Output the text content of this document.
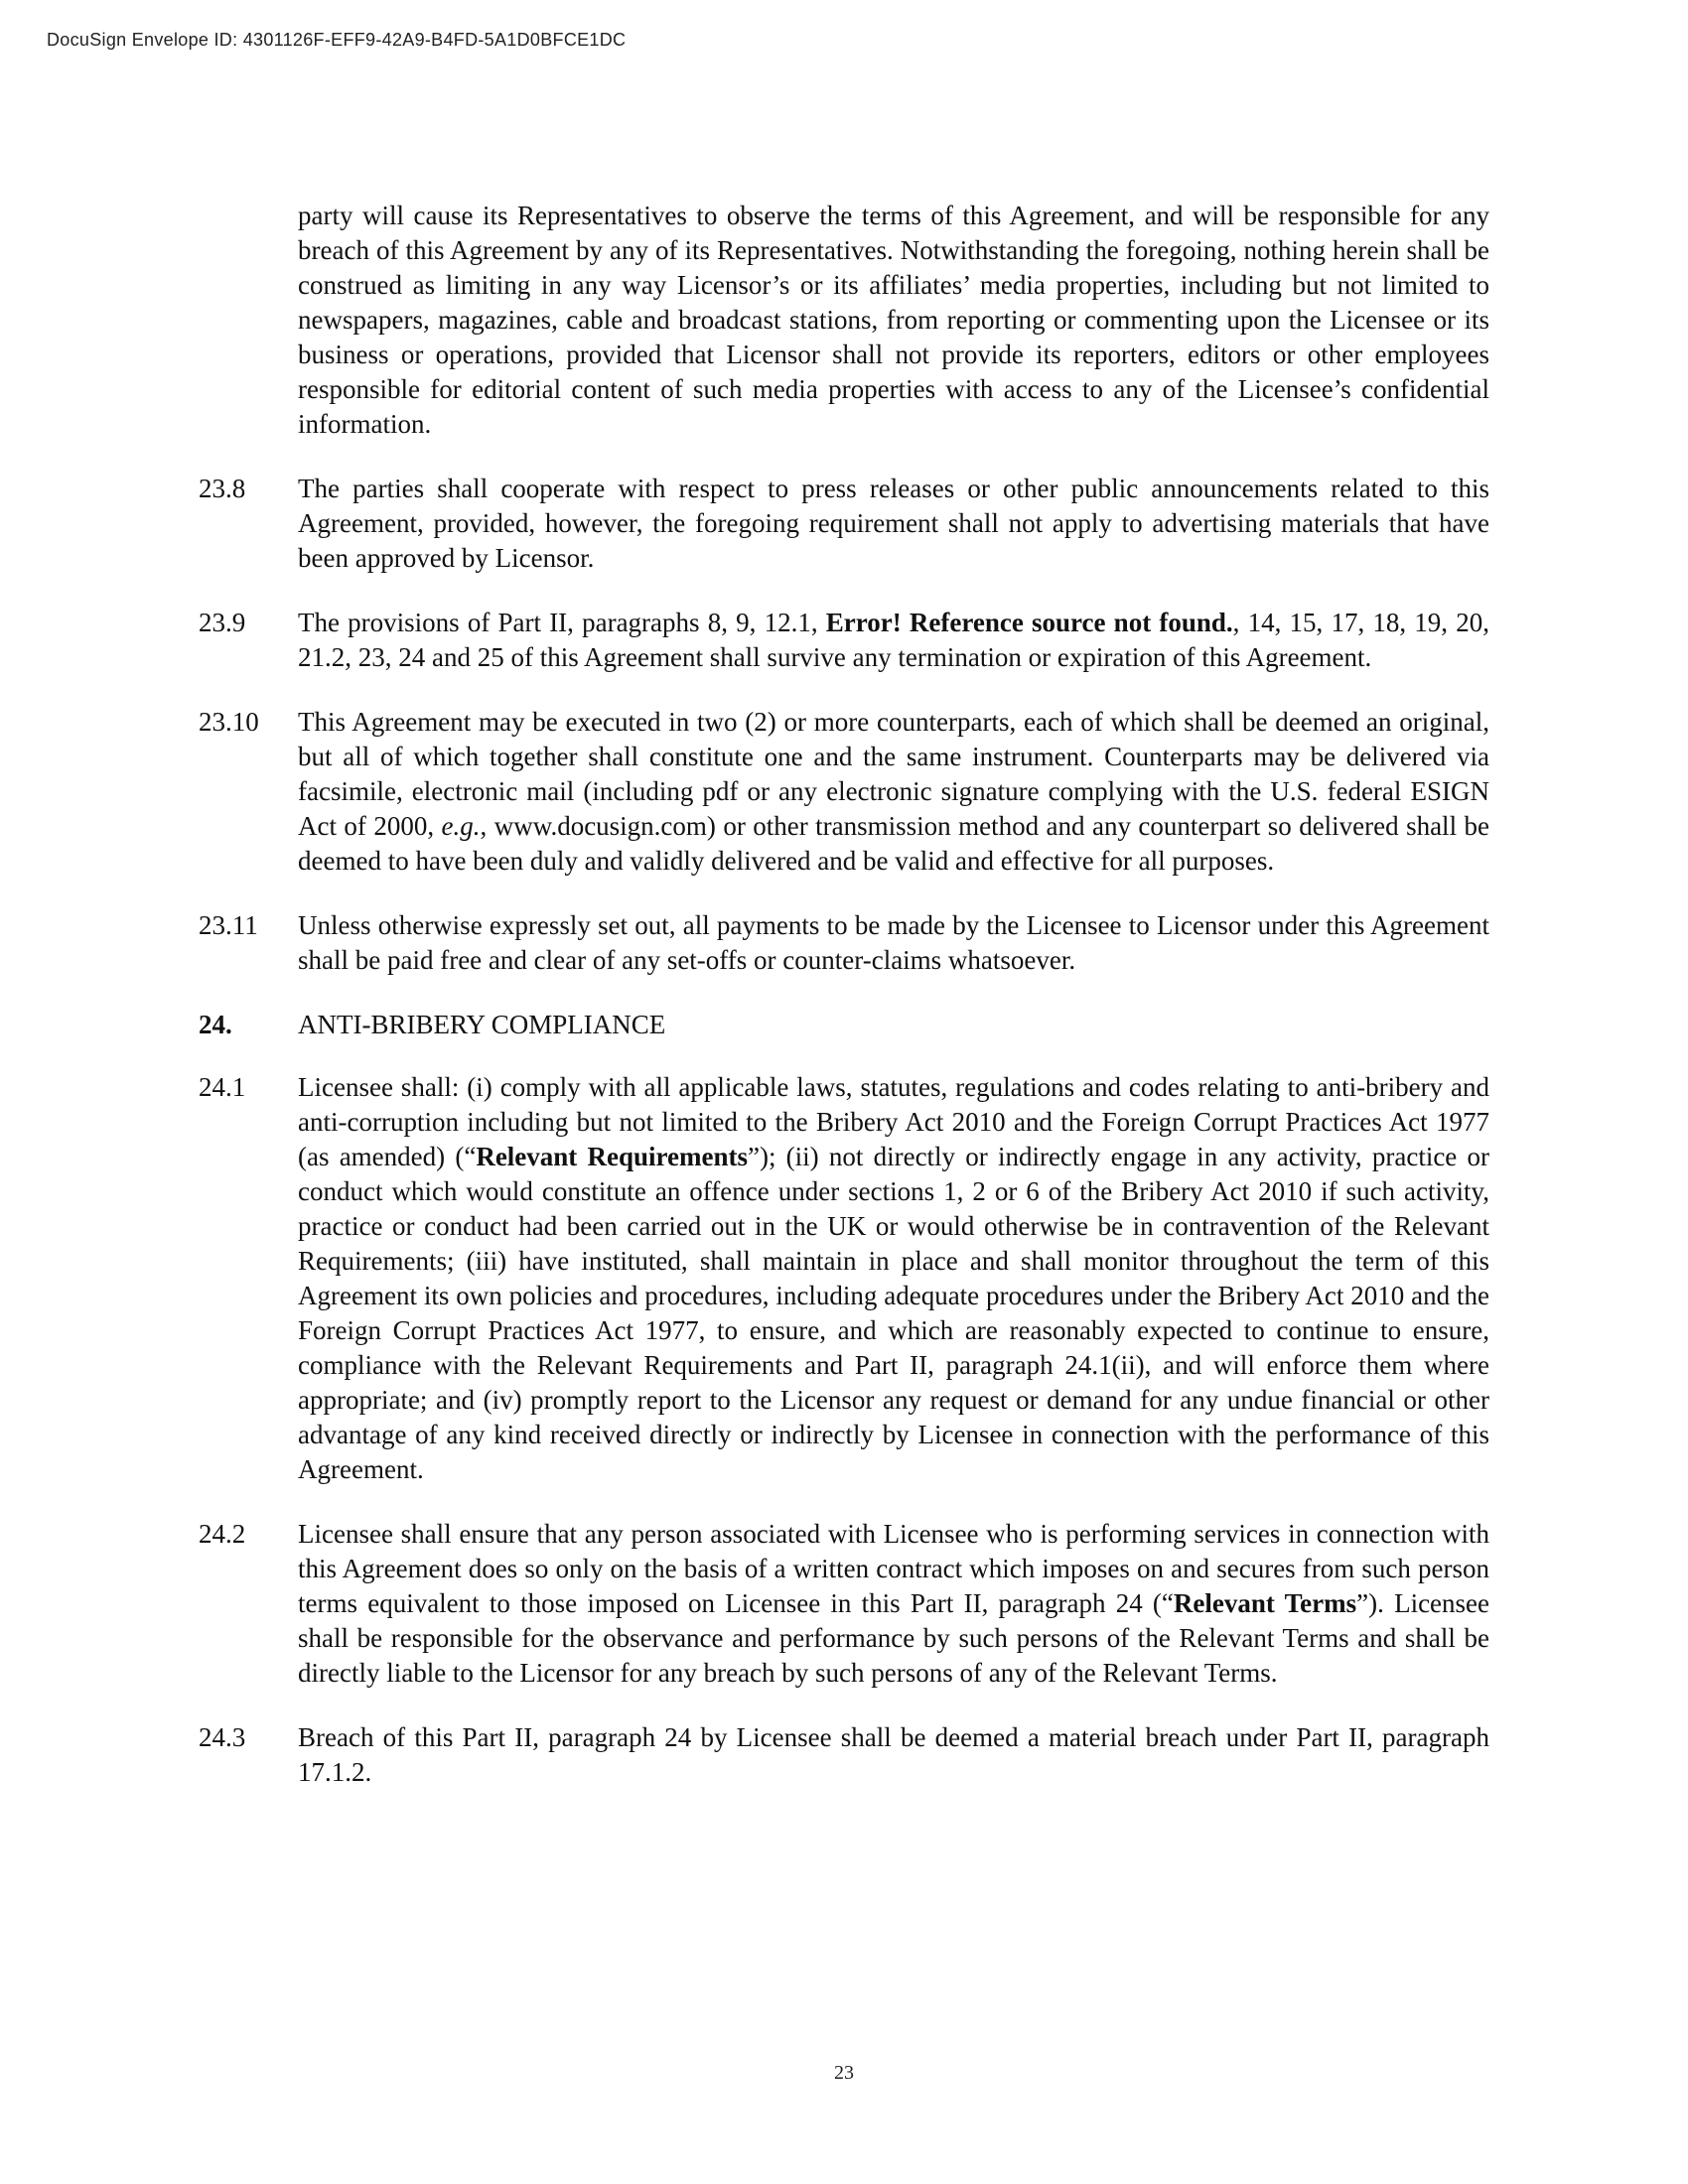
DocuSign Envelope ID: 4301126F-EFF9-42A9-B4FD-5A1D0BFCE1DC

party will cause its Representatives to observe the terms of this Agreement, and will be responsible for any breach of this Agreement by any of its Representatives. Notwithstanding the foregoing, nothing herein shall be construed as limiting in any way Licensor’s or its affiliates’ media properties, including but not limited to newspapers, magazines, cable and broadcast stations, from reporting or commenting upon the Licensee or its business or operations, provided that Licensor shall not provide its reporters, editors or other employees responsible for editorial content of such media properties with access to any of the Licensee’s confidential information.

23.8	The parties shall cooperate with respect to press releases or other public announcements related to this Agreement, provided, however, the foregoing requirement shall not apply to advertising materials that have been approved by Licensor.

23.9	The provisions of Part II, paragraphs 8, 9, 12.1, Error! Reference source not found., 14, 15, 17, 18, 19, 20, 21.2, 23, 24 and 25 of this Agreement shall survive any termination or expiration of this Agreement.

23.10	This Agreement may be executed in two (2) or more counterparts, each of which shall be deemed an original, but all of which together shall constitute one and the same instrument. Counterparts may be delivered via facsimile, electronic mail (including pdf or any electronic signature complying with the U.S. federal ESIGN Act of 2000, e.g., www.docusign.com) or other transmission method and any counterpart so delivered shall be deemed to have been duly and validly delivered and be valid and effective for all purposes.

23.11	Unless otherwise expressly set out, all payments to be made by the Licensee to Licensor under this Agreement shall be paid free and clear of any set-offs or counter-claims whatsoever.

24. ANTI-BRIBERY COMPLIANCE

24.1	Licensee shall: (i) comply with all applicable laws, statutes, regulations and codes relating to anti-bribery and anti-corruption including but not limited to the Bribery Act 2010 and the Foreign Corrupt Practices Act 1977 (as amended) (“Relevant Requirements”); (ii) not directly or indirectly engage in any activity, practice or conduct which would constitute an offence under sections 1, 2 or 6 of the Bribery Act 2010 if such activity, practice or conduct had been carried out in the UK or would otherwise be in contravention of the Relevant Requirements; (iii) have instituted, shall maintain in place and shall monitor throughout the term of this Agreement its own policies and procedures, including adequate procedures under the Bribery Act 2010 and the Foreign Corrupt Practices Act 1977, to ensure, and which are reasonably expected to continue to ensure, compliance with the Relevant Requirements and Part II, paragraph 24.1(ii), and will enforce them where appropriate; and (iv) promptly report to the Licensor any request or demand for any undue financial or other advantage of any kind received directly or indirectly by Licensee in connection with the performance of this Agreement.

24.2	Licensee shall ensure that any person associated with Licensee who is performing services in connection with this Agreement does so only on the basis of a written contract which imposes on and secures from such person terms equivalent to those imposed on Licensee in this Part II, paragraph 24 (“Relevant Terms”). Licensee shall be responsible for the observance and performance by such persons of the Relevant Terms and shall be directly liable to the Licensor for any breach by such persons of any of the Relevant Terms.

24.3	Breach of this Part II, paragraph 24 by Licensee shall be deemed a material breach under Part II, paragraph 17.1.2.

23
